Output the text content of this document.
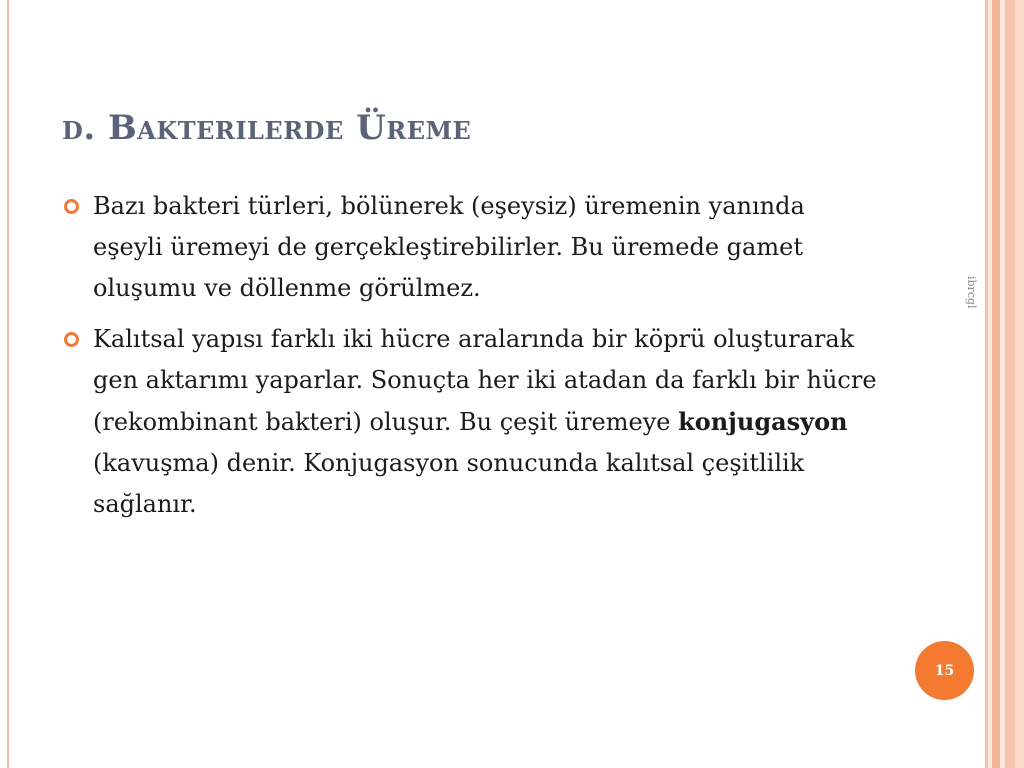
d. Bakterilerde Üreme

Bazı bakteri türleri, bölünerek (eşeysiz) üremenin yanında eşeyli üremeyi de gerçekleştirebilirler. Bu üremede gamet oluşumu ve döllenme görülmez.

Kalıtsal yapısı farklı iki hücre aralarında bir köprü oluşturarak gen aktarımı yaparlar. Sonuçta her iki atadan da farklı bir hücre (rekombinant bakteri) oluşur. Bu çeşit üremeye konjugasyon (kavuşma) denir. Konjugasyon sonucunda kalıtsal çeşitlilik sağlanır.

ibrcgl
15
